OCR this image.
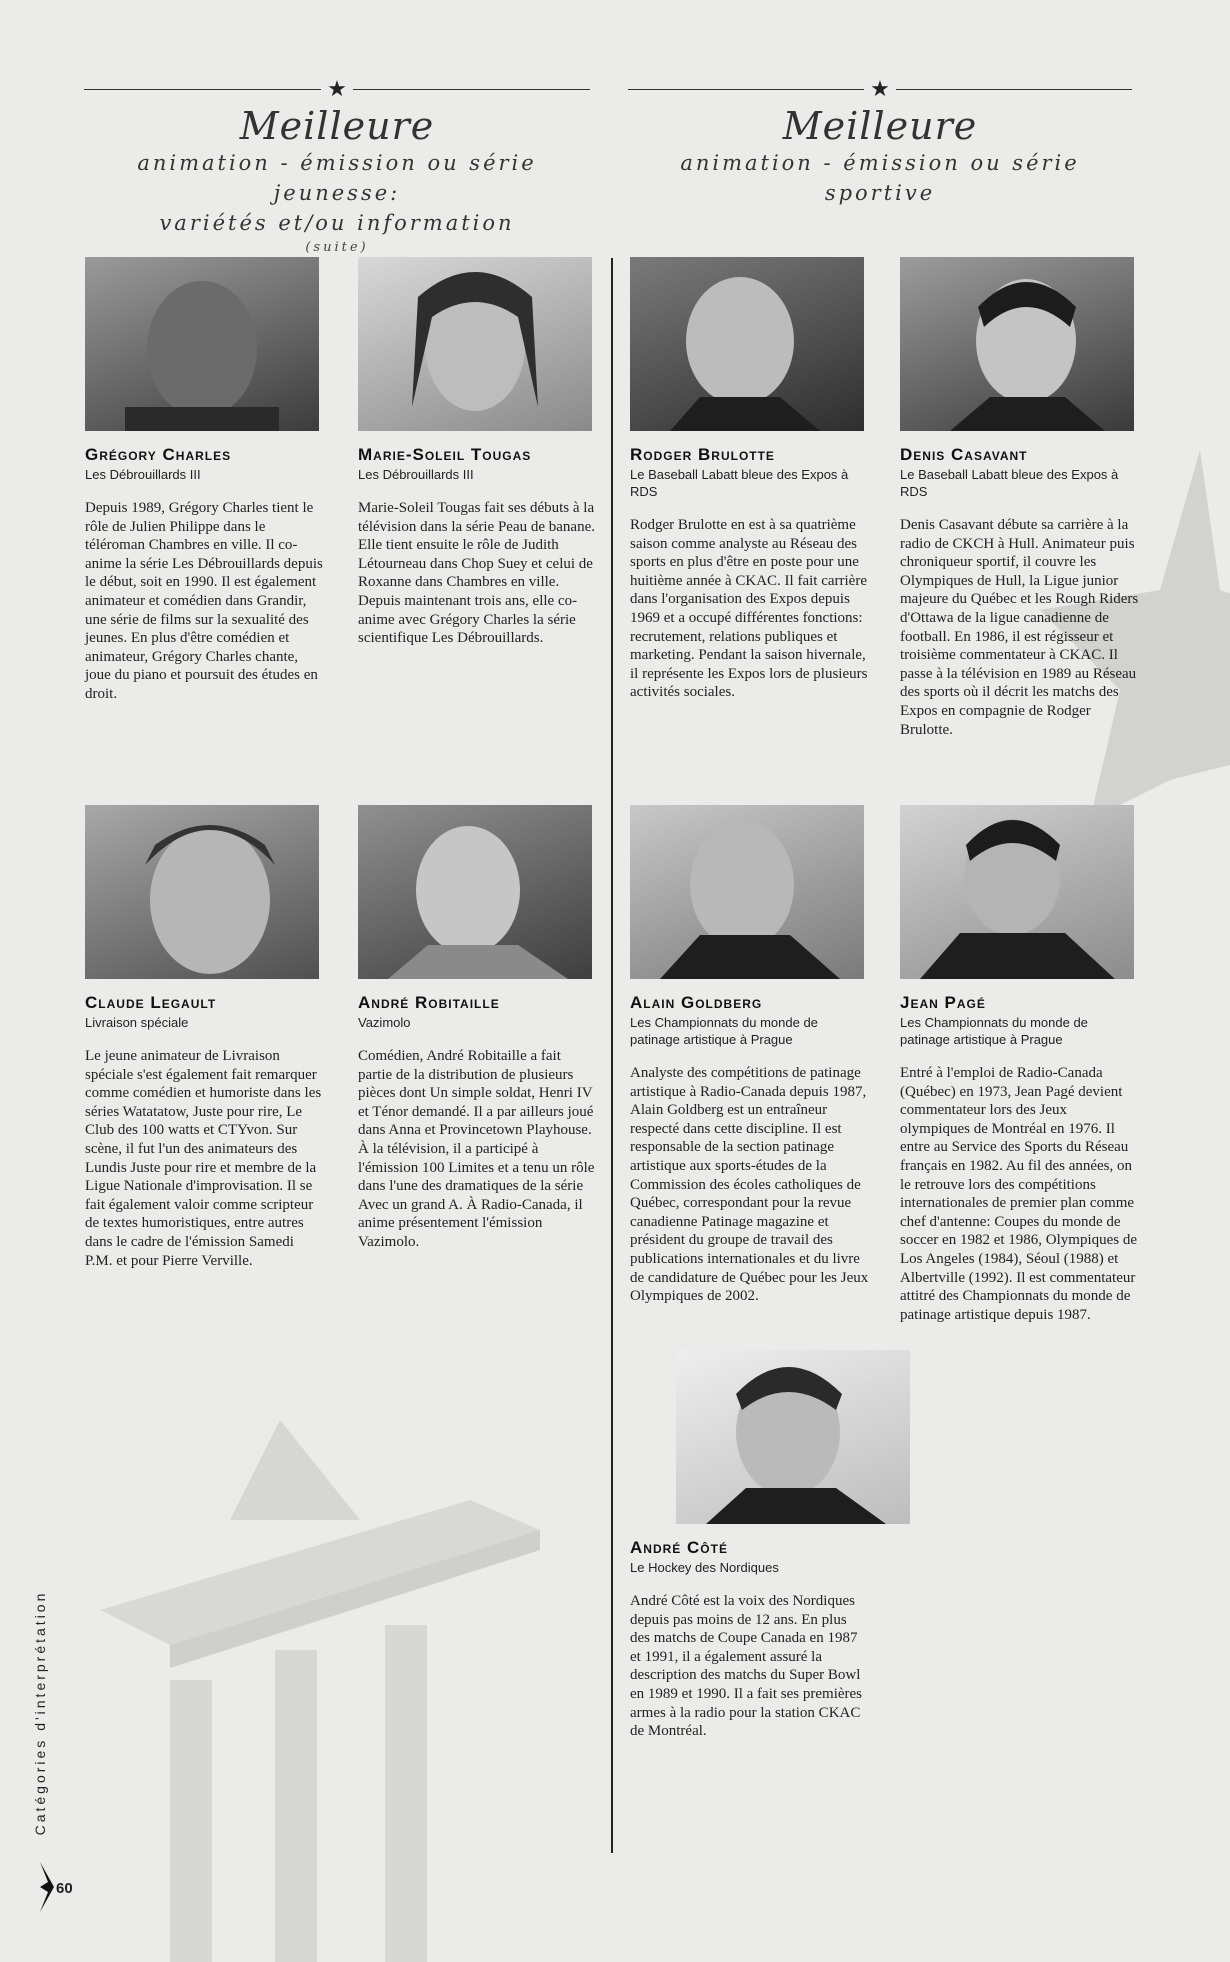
★
Meilleure
animation - émission ou série jeunesse:
variétés et/ou information
(suite)
★
Meilleure
animation - émission ou série sportive
Grégory Charles
Les Débrouillards III
Depuis 1989, Grégory Charles tient le rôle de Julien Philippe dans le téléroman Chambres en ville. Il co-anime la série Les Débrouillards depuis le début, soit en 1990. Il est également animateur et comédien dans Grandir, une série de films sur la sexualité des jeunes. En plus d'être comédien et animateur, Grégory Charles chante, joue du piano et poursuit des études en droit.
Marie-Soleil Tougas
Les Débrouillards III
Marie-Soleil Tougas fait ses débuts à la télévision dans la série Peau de banane. Elle tient ensuite le rôle de Judith Létourneau dans Chop Suey et celui de Roxanne dans Chambres en ville. Depuis maintenant trois ans, elle co-anime avec Grégory Charles la série scientifique Les Débrouillards.
Rodger Brulotte
Le Baseball Labatt bleue des Expos à RDS
Rodger Brulotte en est à sa quatrième saison comme analyste au Réseau des sports en plus d'être en poste pour une huitième année à CKAC. Il fait carrière dans l'organisation des Expos depuis 1969 et a occupé différentes fonctions: recrutement, relations publiques et marketing. Pendant la saison hivernale, il représente les Expos lors de plusieurs activités sociales.
Denis Casavant
Le Baseball Labatt bleue des Expos à RDS
Denis Casavant débute sa carrière à la radio de CKCH à Hull. Animateur puis chroniqueur sportif, il couvre les Olympiques de Hull, la Ligue junior majeure du Québec et les Rough Riders d'Ottawa de la ligue canadienne de football. En 1986, il est régisseur et troisième commentateur à CKAC. Il passe à la télévision en 1989 au Réseau des sports où il décrit les matchs des Expos en compagnie de Rodger Brulotte.
Claude Legault
Livraison spéciale
Le jeune animateur de Livraison spéciale s'est également fait remarquer comme comédien et humoriste dans les séries Watatatow, Juste pour rire, Le Club des 100 watts et CTYvon. Sur scène, il fut l'un des animateurs des Lundis Juste pour rire et membre de la Ligue Nationale d'improvisation. Il se fait également valoir comme scripteur de textes humoristiques, entre autres dans le cadre de l'émission Samedi P.M. et pour Pierre Verville.
André Robitaille
Vazimolo
Comédien, André Robitaille a fait partie de la distribution de plusieurs pièces dont Un simple soldat, Henri IV et Ténor demandé. Il a par ailleurs joué dans Anna et Provincetown Playhouse. À la télévision, il a participé à l'émission 100 Limites et a tenu un rôle dans l'une des dramatiques de la série Avec un grand A. À Radio-Canada, il anime présentement l'émission Vazimolo.
Alain Goldberg
Les Championnats du monde de patinage artistique à Prague
Analyste des compétitions de patinage artistique à Radio-Canada depuis 1987, Alain Goldberg est un entraîneur respecté dans cette discipline. Il est responsable de la section patinage artistique aux sports-études de la Commission des écoles catholiques de Québec, correspondant pour la revue canadienne Patinage magazine et président du groupe de travail des publications internationales et du livre de candidature de Québec pour les Jeux Olympiques de 2002.
Jean Pagé
Les Championnats du monde de patinage artistique à Prague
Entré à l'emploi de Radio-Canada (Québec) en 1973, Jean Pagé devient commentateur lors des Jeux olympiques de Montréal en 1976. Il entre au Service des Sports du Réseau français en 1982. Au fil des années, on le retrouve lors des compétitions internationales de premier plan comme chef d'antenne: Coupes du monde de soccer en 1982 et 1986, Olympiques de Los Angeles (1984), Séoul (1988) et Albertville (1992). Il est commentateur attitré des Championnats du monde de patinage artistique depuis 1987.
André Côté
Le Hockey des Nordiques
André Côté est la voix des Nordiques depuis pas moins de 12 ans. En plus des matchs de Coupe Canada en 1987 et 1991, il a également assuré la description des matchs du Super Bowl en 1989 et 1990. Il a fait ses premières armes à la radio pour la station CKAC de Montréal.
Catégories d'interprétation
60
